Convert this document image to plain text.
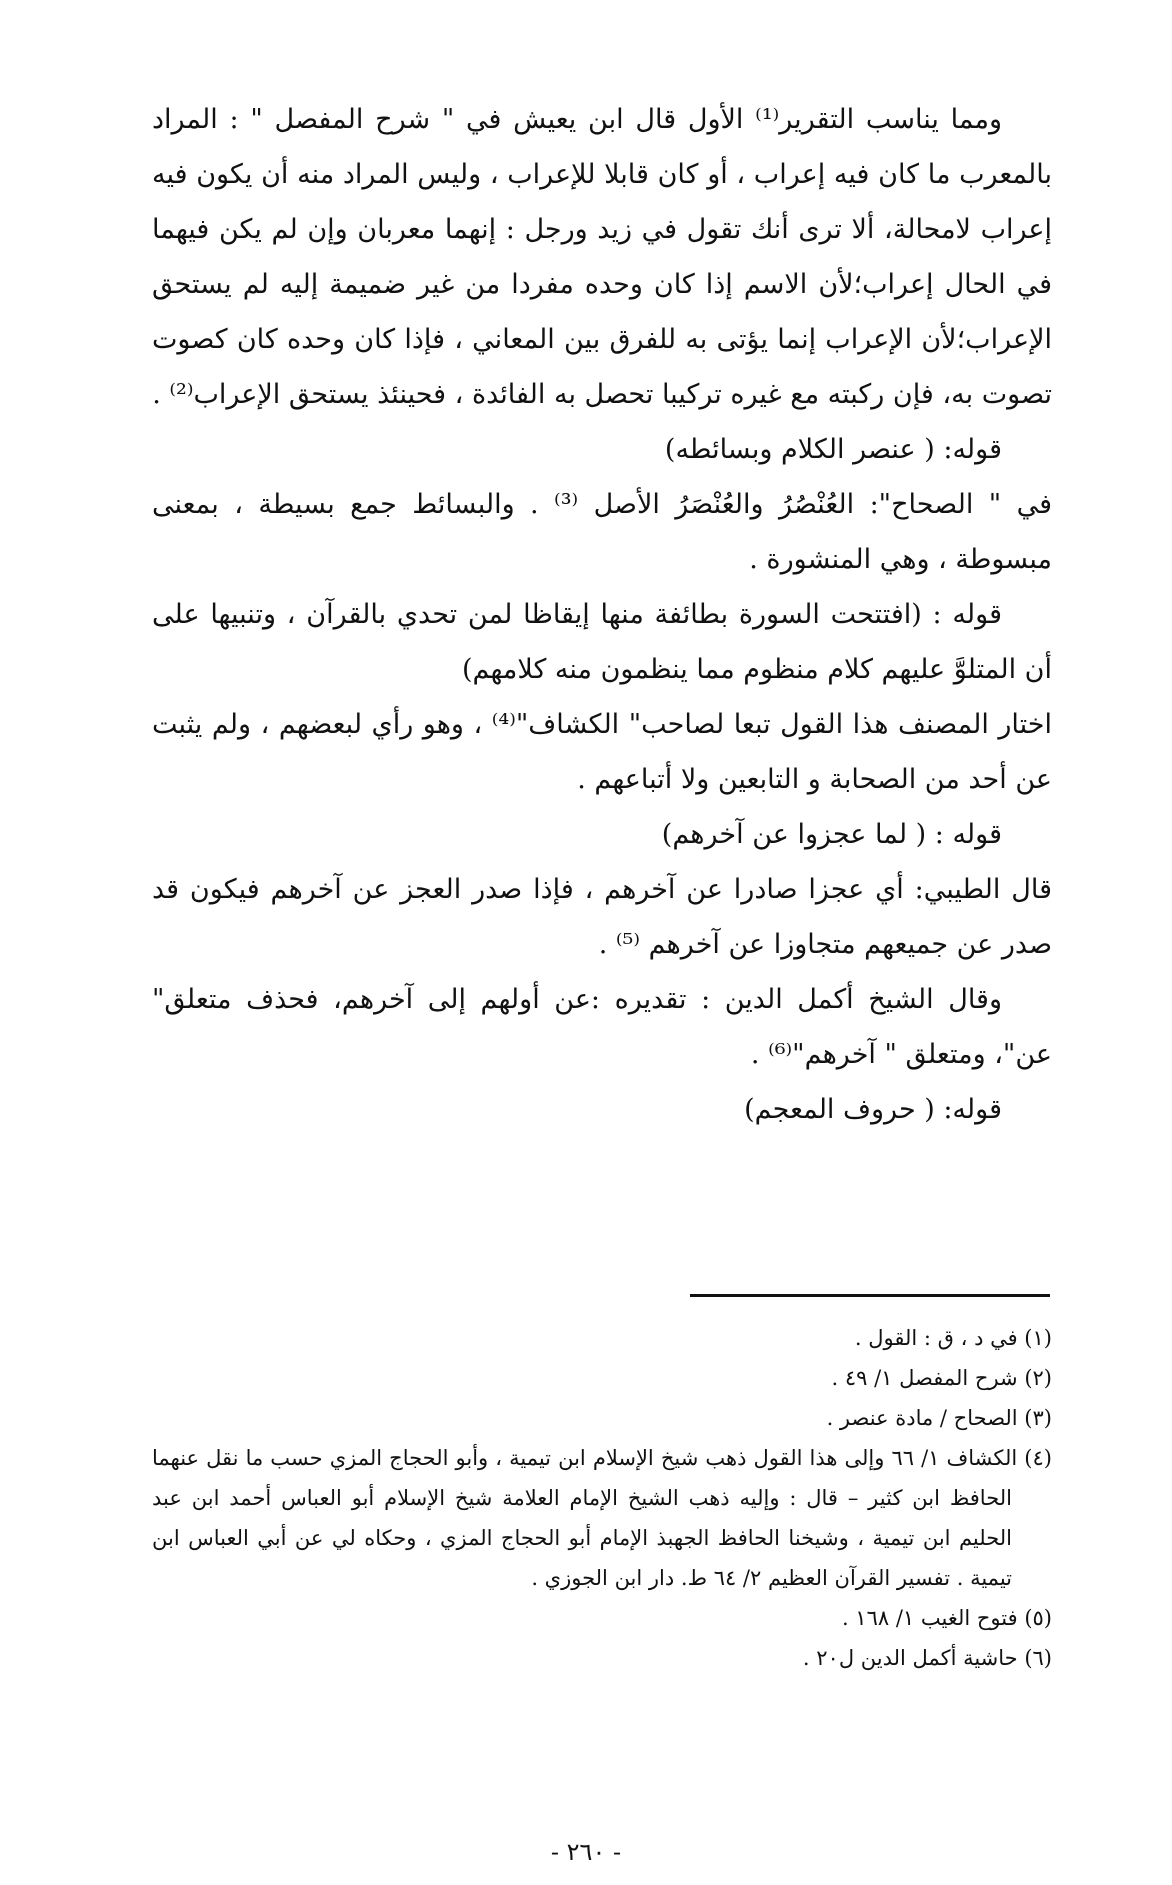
ومما يناسب التقرير⁽¹⁾ الأول قال ابن يعيش في " شرح المفصل " : المراد بالمعرب ما كان فيه إعراب ، أو كان قابلا للإعراب ، وليس المراد منه أن يكون فيه إعراب لامحالة، ألا ترى أنك تقول في زيد ورجل : إنهما معربان وإن لم يكن فيهما في الحال إعراب؛لأن الاسم إذا كان وحده مفردا من غير ضميمة إليه لم يستحق الإعراب؛لأن الإعراب إنما يؤتى به للفرق بين المعاني ، فإذا كان وحده كان كصوت تصوت به، فإن ركبته مع غيره تركيبا تحصل به الفائدة ، فحينئذ يستحق الإعراب⁽²⁾ .

قوله: ( عنصر الكلام وبسائطه)

في " الصحاح": العُنْصُرُ والعُنْصَرُ الأصل ⁽³⁾ . والبسائط جمع بسيطة ، بمعنى مبسوطة ، وهي المنشورة .

قوله : (افتتحت السورة بطائفة منها إيقاظا لمن تحدي بالقرآن ، وتنبيها على أن المتلوَّ عليهم كلام منظوم مما ينظمون منه كلامهم)

اختار المصنف هذا القول تبعا لصاحب" الكشاف"⁽⁴⁾ ، وهو رأي لبعضهم ، ولم يثبت عن أحد من الصحابة و التابعين ولا أتباعهم .

قوله : ( لما عجزوا عن آخرهم)

قال الطيبي: أي عجزا صادرا عن آخرهم ، فإذا صدر العجز عن آخرهم فيكون قد صدر عن جميعهم متجاوزا عن آخرهم ⁽⁵⁾ .

وقال الشيخ أكمل الدين : تقديره :عن أولهم إلى آخرهم، فحذف متعلق" عن"، ومتعلق " آخرهم"⁽⁶⁾ .

قوله: ( حروف المعجم)

(١) في د ، ق : القول .

(٢) شرح المفصل ١/ ٤٩ .

(٣) الصحاح / مادة عنصر .

(٤) الكشاف ١/ ٦٦ وإلى هذا القول ذهب شيخ الإسلام ابن تيمية ، وأبو الحجاج المزي حسب ما نقل عنهما الحافظ ابن كثير – قال : وإليه ذهب الشيخ الإمام العلامة شيخ الإسلام أبو العباس أحمد ابن عبد الحليم ابن تيمية ، وشيخنا الحافظ الجهبذ الإمام أبو الحجاج المزي ، وحكاه لي عن أبي العباس ابن تيمية . تفسير القرآن العظيم ٢/ ٦٤ ط. دار ابن الجوزي .

(٥) فتوح الغيب ١/ ١٦٨ .

(٦) حاشية أكمل الدين ل٢٠ .

- ٢٦٠ -
